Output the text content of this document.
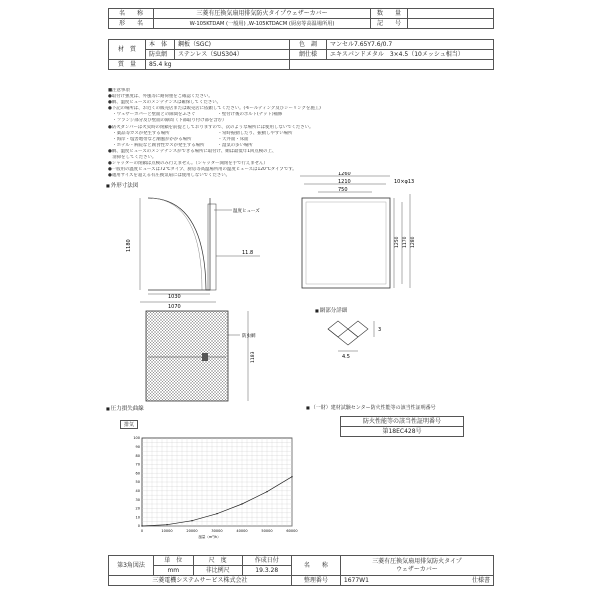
名　　称	三菱有圧換気扇用排気防火タイプウェザーカバー	数　　量	
形　　名	W-105KTDAM (一般用) ,W-105KTDACM (厨房等高温場所用)	記　　号	
材　質	本　体	鋼板（SGC)	色　調	マンセル7.65Y7.6/0.7
	防虫網	ステンレス（SUS304）	網仕様	エキスパンドメタル　3×4.5（10メッシュ相当）
質　量	85.4 kg			
■注意事項
●取付け強度は、外風等に耐荷重をご確認ください。
●網、温度ヒューズのメンテナンスは確保してください。
●下記の場所は、お近くの販売店または販売店に依頼してください。(モールディング及びシーリングを施工)
　・ウェザーカバーと壁面との隙間をふさぐ　　　　　・壁付け後のボルト(ナット)補修
　・フランジ部分及び壁面の隙間（下部取り付け部を含む）
●防火ダンパーは火災時の閉鎖を前提としておりますので、次のような場所には使用しないでください。
　・薬品等ガスが発生する場所　　　　　　　　　　　・常時振動したり、振動しやすい場所
　・海岸・塩害地帯など潮風がかかる場所　　　　　　・天井面・床面
　・ホテル・病院など腐食性ガスが発生する場所　　　・湿気の多い場所
●網、温度ヒューズのメンテナンスができる場所に取付け、網は最低年1回点検の上、
　清掃をしてください。
●シャッターの閉鎖は点検のみ行えません。（シャッター開閉を手で行えません）
●一般用の温度ヒューズは72℃タイプ、厨房等高温場所用の温度ヒューズは120℃タイプです。
●適用サイズを超える有圧換気扇には使用しないでください。
■ 外形寸法図
温度ヒューズ
1180
11.8
1030
1070
1260
1210
750
10×φ13
1250 1170 1280
防虫網
1183
■ 網部分詳細
3
4.5
■ 圧力損失曲線
排気
0	10000	20000	30000	40000	50000	60000
0
10
20
30
40
50
60
70
80
90
100
風量（m³/h）
■ （一財）建材試験センター防火性能等の該当性証明番号
防火性能等の該当性証明番号
第18EC428号
第3角図法	単　位	尺　度	作成日付	名　　称	三菱有圧換気扇用排気防火タイプ
ウェザーカバー

	mm	非比例尺	19.3.28		
三菱電機システムサービス株式会社				整理番号	1677W1 仕様書
